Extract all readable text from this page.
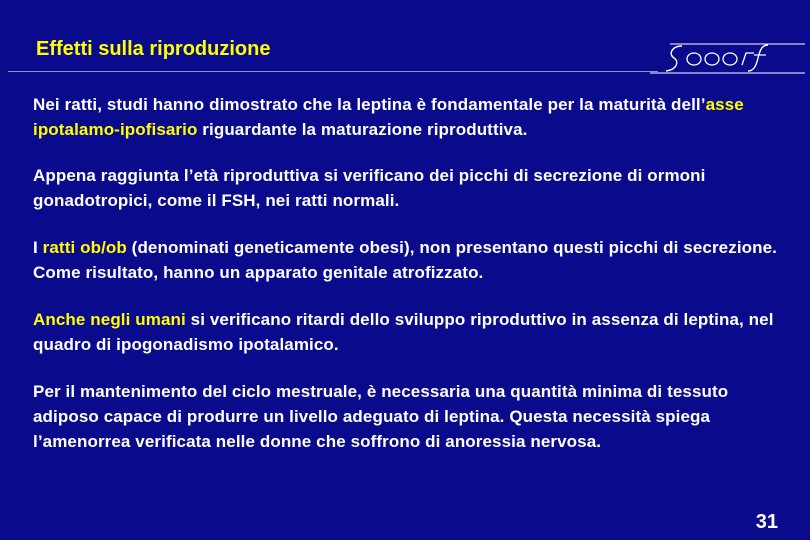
Effetti sulla riproduzione
Nei ratti, studi hanno dimostrato che la leptina è fondamentale per la maturità dell’asse ipotalamo-ipofisario riguardante la maturazione riproduttiva.
Appena raggiunta l’età riproduttiva si verificano dei picchi di secrezione di ormoni gonadotropici, come il FSH, nei ratti normali.
I ratti ob/ob (denominati geneticamente obesi), non presentano questi picchi di secrezione. Come risultato, hanno un apparato genitale atrofizzato.
Anche negli umani si verificano ritardi dello sviluppo riproduttivo in assenza di leptina, nel quadro di ipogonadismo ipotalamico.
Per il mantenimento del ciclo mestruale, è necessaria una quantità minima di tessuto adiposo capace di produrre un livello adeguato di leptina. Questa necessità spiega l’amenorrea verificata nelle donne che soffrono di anoressia nervosa.
31
